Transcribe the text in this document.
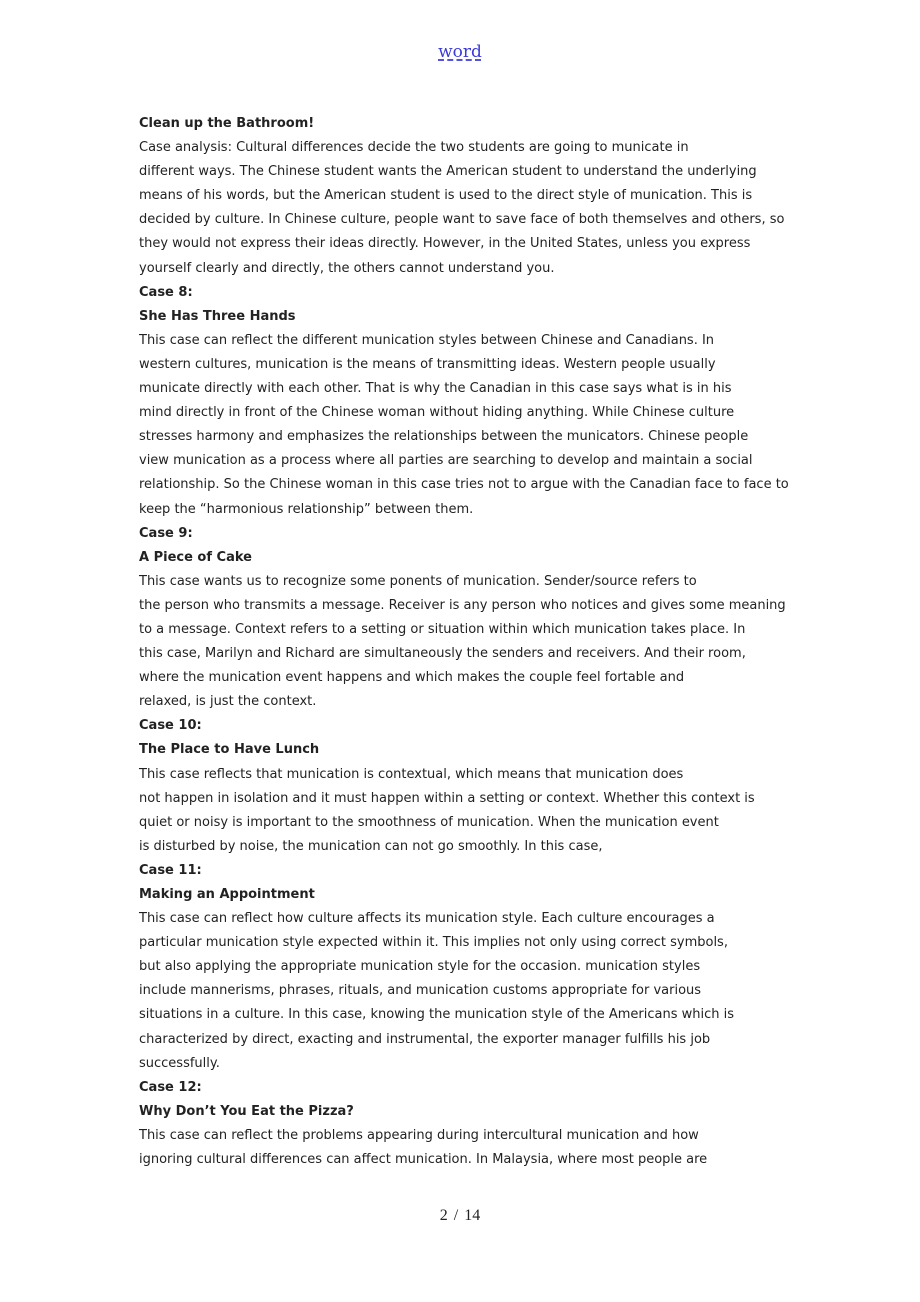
word
Clean up the Bathroom!
Case analysis: Cultural differences decide the two students are going to municate in
different ways. The Chinese student wants the American student to understand the underlying
means of his words, but the American student is used to the direct style of munication. This is
decided by culture. In Chinese culture, people want to save face of both themselves and others, so
they would not express their ideas directly. However, in the United States, unless you express
yourself clearly and directly, the others cannot understand you.
Case 8:
She Has Three Hands
This case can reflect the different munication styles between Chinese and Canadians. In
western cultures, munication is the means of transmitting ideas. Western people usually
municate directly with each other. That is why the Canadian in this case says what is in his
mind directly in front of the Chinese woman without hiding anything. While Chinese culture
stresses harmony and emphasizes the relationships between the municators. Chinese people
view munication as a process where all parties are searching to develop and maintain a social
relationship. So the Chinese woman in this case tries not to argue with the Canadian face to face to
keep the “harmonious relationship” between them.
Case 9:
A Piece of Cake
This case wants us to recognize some ponents of munication. Sender/source refers to
the person who transmits a message. Receiver is any person who notices and gives some meaning
to a message. Context refers to a setting or situation within which munication takes place. In
this case, Marilyn and Richard are simultaneously the senders and receivers. And their room,
where the munication event happens and which makes the couple feel fortable and
relaxed, is just the context.
Case 10:
The Place to Have Lunch
This case reflects that munication is contextual, which means that munication does
not happen in isolation and it must happen within a setting or context. Whether this context is
quiet or noisy is important to the smoothness of munication. When the munication event
is disturbed by noise, the munication can not go smoothly. In this case,
Case 11:
Making an Appointment
This case can reflect how culture affects its munication style. Each culture encourages a
particular munication style expected within it. This implies not only using correct symbols,
but also applying the appropriate munication style for the occasion. munication styles
include mannerisms, phrases, rituals, and munication customs appropriate for various
situations in a culture. In this case, knowing the munication style of the Americans which is
characterized by direct, exacting and instrumental, the exporter manager fulfills his job
successfully.
Case 12:
Why Don’t You Eat the Pizza?
This case can reflect the problems appearing during intercultural munication and how
ignoring cultural differences can affect munication. In Malaysia, where most people are
2 / 14
